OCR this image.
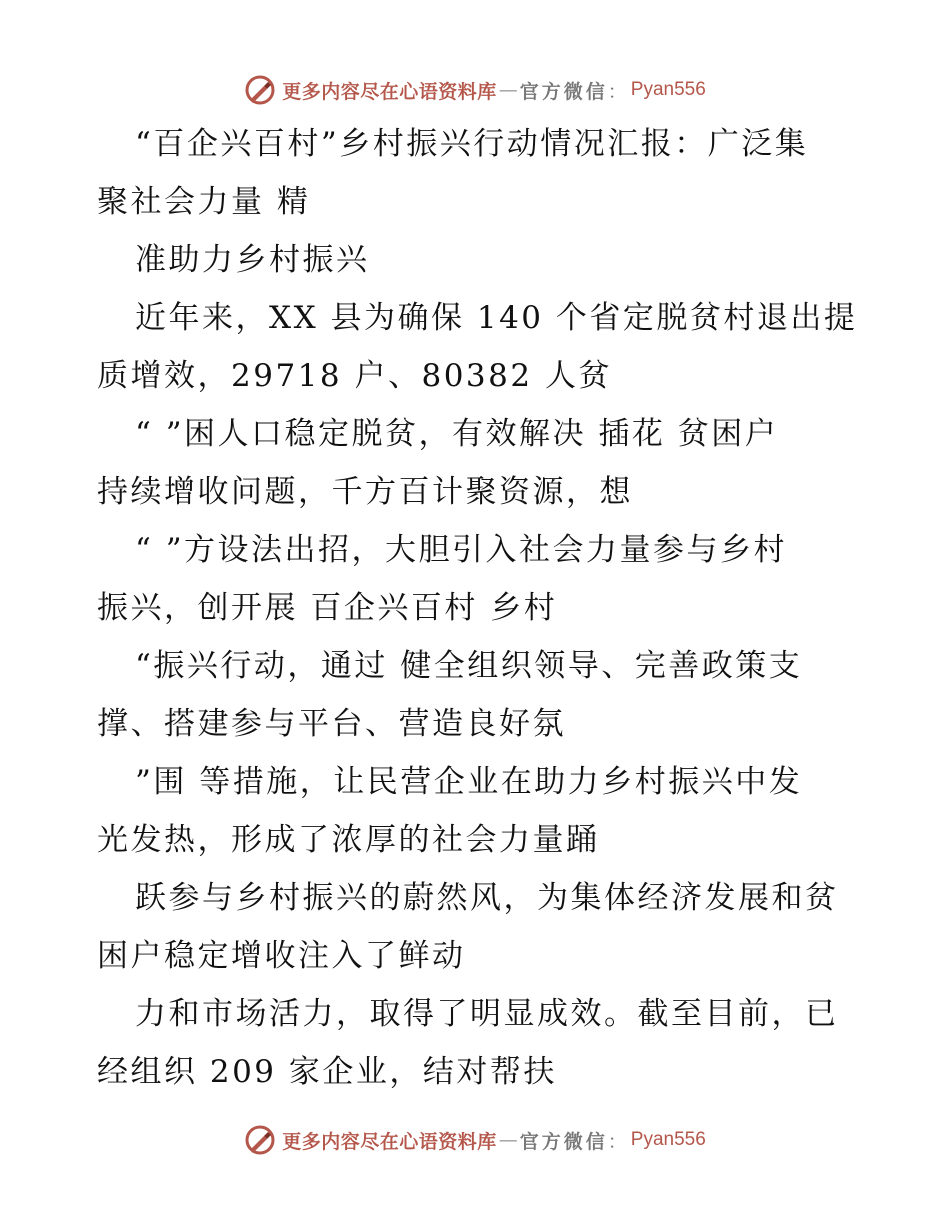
更多内容尽在心语资料库 — 官方微信 ： Pyan556
“百企兴百村”乡村振兴行动情况汇报：广泛集
聚社会力量 精
准助力乡村振兴
近年来，XX 县为确保 140 个省定脱贫村退出提
质增效，29718 户、80382 人贫
“ ”困人口稳定脱贫，有效解决 插花 贫困户
持续增收问题，千方百计聚资源，想
“ ”方设法出招，大胆引入社会力量参与乡村
振兴，创开展 百企兴百村 乡村
“振兴行动，通过 健全组织领导、完善政策支
撑、搭建参与平台、营造良好氛
”围 等措施，让民营企业在助力乡村振兴中发
光发热，形成了浓厚的社会力量踊
跃参与乡村振兴的蔚然风，为集体经济发展和贫
困户稳定增收注入了鲜动
力和市场活力，取得了明显成效。截至目前，已
经组织 209 家企业，结对帮扶
更多内容尽在心语资料库 — 官方微信 ： Pyan556
